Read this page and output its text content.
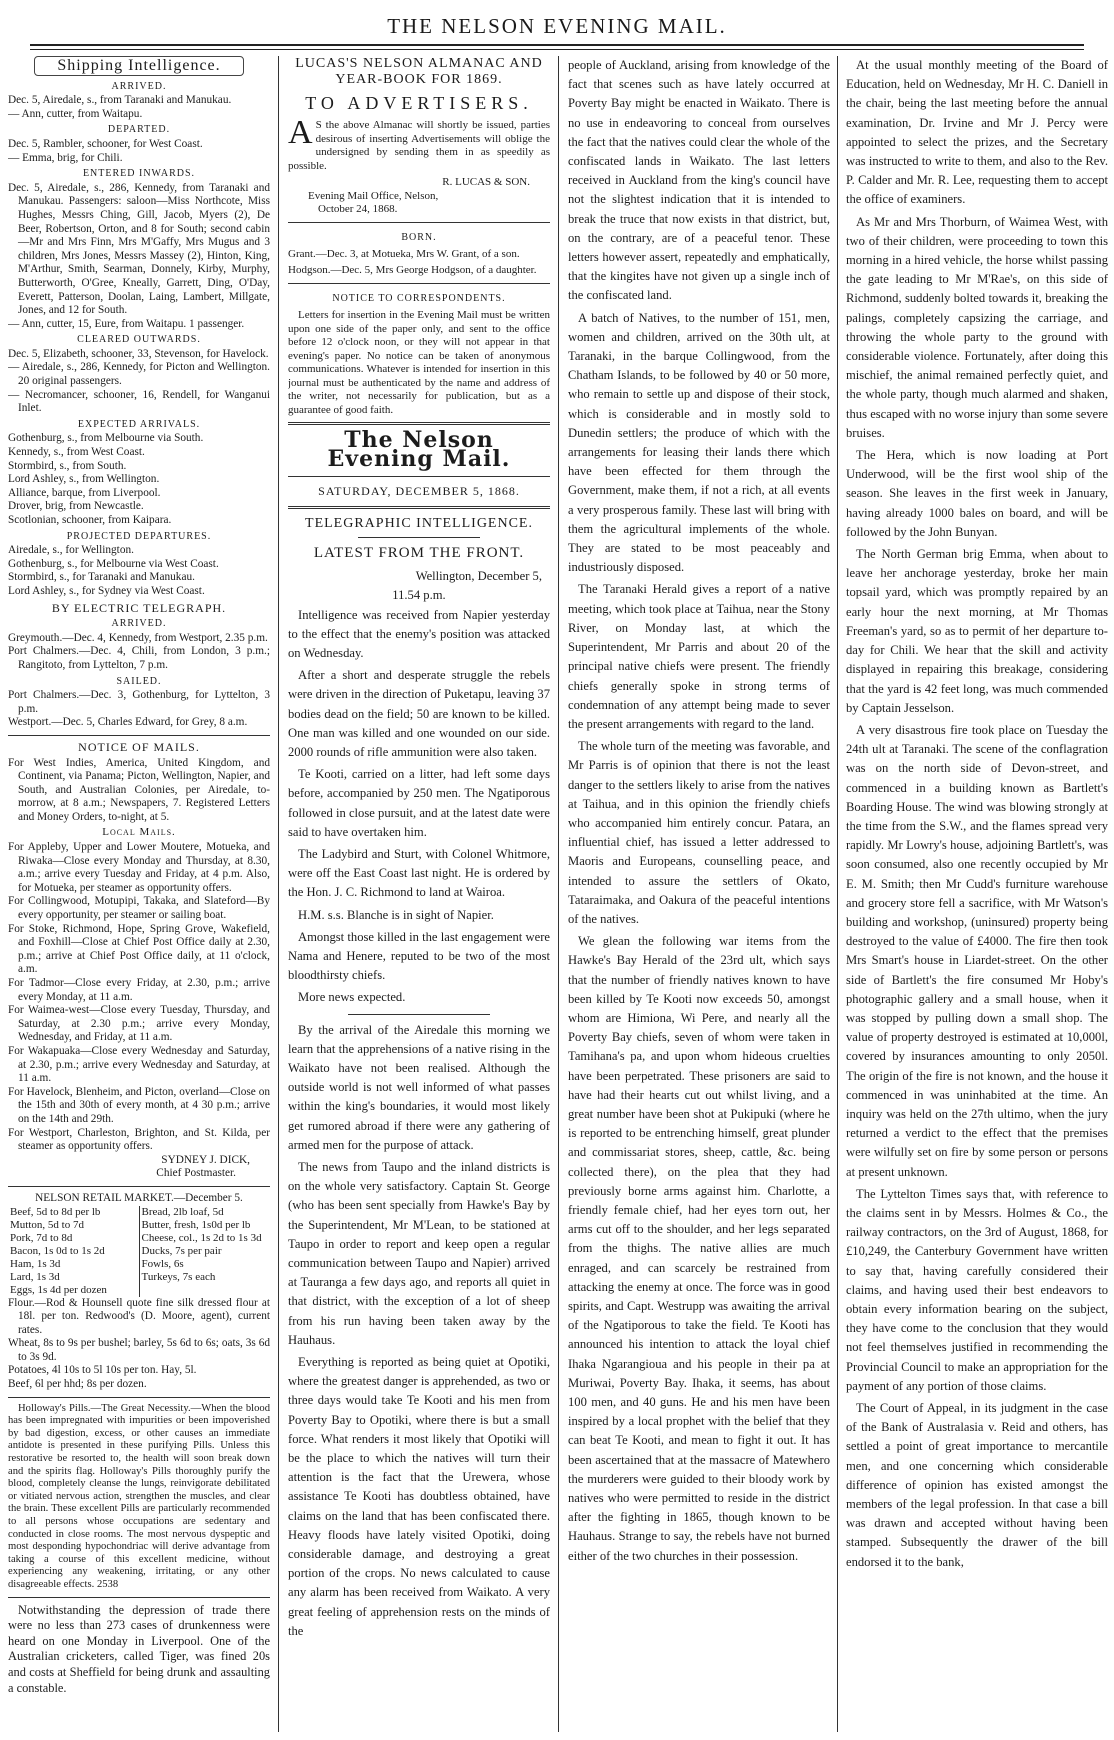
THE NELSON EVENING MAIL.
Shipping Intelligence.
ARRIVED.

Dec. 5, Airedale, s., from Taranaki and Manukau.

— Ann, cutter, from Waitapu.

DEPARTED.

Dec. 5, Rambler, schooner, for West Coast.

— Emma, brig, for Chili.

ENTERED INWARDS.

Dec. 5, Airedale, s., 286, Kennedy, from Taranaki and Manukau. Passengers: saloon—Miss Northcote, Miss Hughes, Messrs Ching, Gill, Jacob, Myers (2), De Beer, Robertson, Orton, and 8 for South; second cabin—Mr and Mrs Finn, Mrs M'Gaffy, Mrs Mugus and 3 children, Mrs Jones, Messrs Massey (2), Hinton, King, M'Arthur, Smith, Searman, Donnely, Kirby, Murphy, Butterworth, O'Gree, Kneally, Garrett, Ding, O'Day, Everett, Patterson, Doolan, Laing, Lambert, Millgate, Jones, and 12 for South.

— Ann, cutter, 15, Eure, from Waitapu. 1 passenger.

CLEARED OUTWARDS.

Dec. 5, Elizabeth, schooner, 33, Stevenson, for Havelock.

— Airedale, s., 286, Kennedy, for Picton and Wellington. 20 original passengers.

— Necromancer, schooner, 16, Rendell, for Wanganui Inlet.

EXPECTED ARRIVALS.

Gothenburg, s., from Melbourne via South.

Kennedy, s., from West Coast.

Stormbird, s., from South.

Lord Ashley, s., from Wellington.

Alliance, barque, from Liverpool.

Drover, brig, from Newcastle.

Scotlonian, schooner, from Kaipara.

PROJECTED DEPARTURES.

Airedale, s., for Wellington.

Gothenburg, s., for Melbourne via West Coast.

Stormbird, s., for Taranaki and Manukau.

Lord Ashley, s., for Sydney via West Coast.

BY ELECTRIC TELEGRAPH.
ARRIVED.

Greymouth.—Dec. 4, Kennedy, from Westport, 2.35 p.m.

Port Chalmers.—Dec. 4, Chili, from London, 3 p.m.; Rangitoto, from Lyttelton, 7 p.m.

SAILED.

Port Chalmers.—Dec. 3, Gothenburg, for Lyttelton, 3 p.m.

Westport.—Dec. 5, Charles Edward, for Grey, 8 a.m.

NOTICE OF MAILS.

For West Indies, America, United Kingdom, and Continent, via Panama; Picton, Wellington, Napier, and South, and Australian Colonies, per Airedale, to-morrow, at 8 a.m.; Newspapers, 7. Registered Letters and Money Orders, to-night, at 5.

Local Mails.

For Appleby, Upper and Lower Moutere, Motueka, and Riwaka—Close every Monday and Thursday, at 8.30, a.m.; arrive every Tuesday and Friday, at 4 p.m. Also, for Motueka, per steamer as opportunity offers.

For Collingwood, Motupipi, Takaka, and Slateford—By every opportunity, per steamer or sailing boat.

For Stoke, Richmond, Hope, Spring Grove, Wakefield, and Foxhill—Close at Chief Post Office daily at 2.30, p.m.; arrive at Chief Post Office daily, at 11 o'clock, a.m.

For Tadmor—Close every Friday, at 2.30, p.m.; arrive every Monday, at 11 a.m.

For Waimea-west—Close every Tuesday, Thursday, and Saturday, at 2.30 p.m.; arrive every Monday, Wednesday, and Friday, at 11 a.m.

For Wakapuaka—Close every Wednesday and Saturday, at 2.30, p.m.; arrive every Wednesday and Saturday, at 11 a.m.

For Havelock, Blenheim, and Picton, overland—Close on the 15th and 30th of every month, at 4 30 p.m.; arrive on the 14th and 29th.

For Westport, Charleston, Brighton, and St. Kilda, per steamer as opportunity offers.

SYDNEY J. DICK,
Chief Postmaster.
NELSON RETAIL MARKET.—December 5.
Beef, 5d to 8d per lb	Bread, 2lb loaf, 5d
Mutton, 5d to 7d	Butter, fresh, 1s0d per lb
Pork, 7d to 8d	Cheese, col., 1s 2d to 1s 3d
Bacon, 1s 0d to 1s 2d	Ducks, 7s per pair
Ham, 1s 3d	Fowls, 6s
Lard, 1s 3d	Turkeys, 7s each
Eggs, 1s 4d per dozen	

Flour.—Rod & Hounsell quote fine silk dressed flour at 18l. per ton. Redwood's (D. Moore, agent), current rates.

Wheat, 8s to 9s per bushel; barley, 5s 6d to 6s; oats, 3s 6d to 3s 9d.

Potatoes, 4l 10s to 5l 10s per ton. Hay, 5l.

Beef, 6l per hhd; 8s per dozen.

Holloway's Pills.—The Great Necessity.—When the blood has been impregnated with impurities or been impoverished by bad digestion, excess, or other causes an immediate antidote is presented in these purifying Pills. Unless this restorative be resorted to, the health will soon break down and the spirits flag. Holloway's Pills thoroughly purify the blood, completely cleanse the lungs, reinvigorate debilitated or vitiated nervous action, strengthen the muscles, and clear the brain. These excellent Pills are particularly recommended to all persons whose occupations are sedentary and conducted in close rooms. The most nervous dyspeptic and most desponding hypochondriac will derive advantage from taking a course of this excellent medicine, without experiencing any weakening, irritating, or any other disagreeable effects. 2538

Notwithstanding the depression of trade there were no less than 273 cases of drunkenness were heard on one Monday in Liverpool. One of the Australian cricketers, called Tiger, was fined 20s and costs at Sheffield for being drunk and assaulting a constable.

LUCAS'S NELSON ALMANAC AND YEAR-BOOK FOR 1869.
TO ADVERTISERS.

A S the above Almanac will shortly be issued, parties desirous of inserting Advertisements will oblige the undersigned by sending them in as speedily as possible.

R. LUCAS & SON.
Evening Mail Office, Nelson,
October 24, 1868.
BORN.

Grant.—Dec. 3, at Motueka, Mrs W. Grant, of a son.

Hodgson.—Dec. 5, Mrs George Hodgson, of a daughter.

NOTICE TO CORRESPONDENTS.

Letters for insertion in the Evening Mail must be written upon one side of the paper only, and sent to the office before 12 o'clock noon, or they will not appear in that evening's paper. No notice can be taken of anonymous communications. Whatever is intended for insertion in this journal must be authenticated by the name and address of the writer, not necessarily for publication, but as a guarantee of good faith.

The Nelson Evening Mail.
SATURDAY, DECEMBER 5, 1868.
TELEGRAPHIC INTELLIGENCE.
LATEST FROM THE FRONT.
Wellington, December 5,
11.54 p.m.

Intelligence was received from Napier yesterday to the effect that the enemy's position was attacked on Wednesday.

After a short and desperate struggle the rebels were driven in the direction of Puketapu, leaving 37 bodies dead on the field; 50 are known to be killed. One man was killed and one wounded on our side. 2000 rounds of rifle ammunition were also taken.

Te Kooti, carried on a litter, had left some days before, accompanied by 250 men. The Ngatiporous followed in close pursuit, and at the latest date were said to have overtaken him.

The Ladybird and Sturt, with Colonel Whitmore, were off the East Coast last night. He is ordered by the Hon. J. C. Richmond to land at Wairoa.

H.M. s.s. Blanche is in sight of Napier.

Amongst those killed in the last engagement were Nama and Henere, reputed to be two of the most bloodthirsty chiefs.

More news expected.

By the arrival of the Airedale this morning we learn that the apprehensions of a native rising in the Waikato have not been realised. Although the outside world is not well informed of what passes within the king's boundaries, it would most likely get rumored abroad if there were any gathering of armed men for the purpose of attack.

The news from Taupo and the inland districts is on the whole very satisfactory. Captain St. George (who has been sent specially from Hawke's Bay by the Superintendent, Mr M'Lean, to be stationed at Taupo in order to report and keep open a regular communication between Taupo and Napier) arrived at Tauranga a few days ago, and reports all quiet in that district, with the exception of a lot of sheep from his run having been taken away by the Hauhaus.

Everything is reported as being quiet at Opotiki, where the greatest danger is apprehended, as two or three days would take Te Kooti and his men from Poverty Bay to Opotiki, where there is but a small force. What renders it most likely that Opotiki will be the place to which the natives will turn their attention is the fact that the Urewera, whose assistance Te Kooti has doubtless obtained, have claims on the land that has been confiscated there. Heavy floods have lately visited Opotiki, doing considerable damage, and destroying a great portion of the crops. No news calculated to cause any alarm has been received from Waikato. A very great feeling of apprehension rests on the minds of the

people of Auckland, arising from knowledge of the fact that scenes such as have lately occurred at Poverty Bay might be enacted in Waikato. There is no use in endeavoring to conceal from ourselves the fact that the natives could clear the whole of the confiscated lands in Waikato. The last letters received in Auckland from the king's council have not the slightest indication that it is intended to break the truce that now exists in that district, but, on the contrary, are of a peaceful tenor. These letters however assert, repeatedly and emphatically, that the kingites have not given up a single inch of the confiscated land.

A batch of Natives, to the number of 151, men, women and children, arrived on the 30th ult, at Taranaki, in the barque Collingwood, from the Chatham Islands, to be followed by 40 or 50 more, who remain to settle up and dispose of their stock, which is considerable and in mostly sold to Dunedin settlers; the produce of which with the arrangements for leasing their lands there which have been effected for them through the Government, make them, if not a rich, at all events a very prosperous family. These last will bring with them the agricultural implements of the whole. They are stated to be most peaceably and industriously disposed.

The Taranaki Herald gives a report of a native meeting, which took place at Taihua, near the Stony River, on Monday last, at which the Superintendent, Mr Parris and about 20 of the principal native chiefs were present. The friendly chiefs generally spoke in strong terms of condemnation of any attempt being made to sever the present arrangements with regard to the land.

The whole turn of the meeting was favorable, and Mr Parris is of opinion that there is not the least danger to the settlers likely to arise from the natives at Taihua, and in this opinion the friendly chiefs who accompanied him entirely concur. Patara, an influential chief, has issued a letter addressed to Maoris and Europeans, counselling peace, and intended to assure the settlers of Okato, Tataraimaka, and Oakura of the peaceful intentions of the natives.

We glean the following war items from the Hawke's Bay Herald of the 23rd ult, which says that the number of friendly natives known to have been killed by Te Kooti now exceeds 50, amongst whom are Himiona, Wi Pere, and nearly all the Poverty Bay chiefs, seven of whom were taken in Tamihana's pa, and upon whom hideous cruelties have been perpetrated. These prisoners are said to have had their hearts cut out whilst living, and a great number have been shot at Pukipuki (where he is reported to be entrenching himself, great plunder and commissariat stores, sheep, cattle, &c. being collected there), on the plea that they had previously borne arms against him. Charlotte, a friendly female chief, had her eyes torn out, her arms cut off to the shoulder, and her legs separated from the thighs. The native allies are much enraged, and can scarcely be restrained from attacking the enemy at once. The force was in good spirits, and Capt. Westrupp was awaiting the arrival of the Ngatiporous to take the field. Te Kooti has announced his intention to attack the loyal chief Ihaka Ngarangioua and his people in their pa at Muriwai, Poverty Bay. Ihaka, it seems, has about 100 men, and 40 guns. He and his men have been inspired by a local prophet with the belief that they can beat Te Kooti, and mean to fight it out. It has been ascertained that at the massacre of Matewhero the murderers were guided to their bloody work by natives who were permitted to reside in the district after the fighting in 1865, though known to be Hauhaus. Strange to say, the rebels have not burned either of the two churches in their possession.

At the usual monthly meeting of the Board of Education, held on Wednesday, Mr H. C. Daniell in the chair, being the last meeting before the annual examination, Dr. Irvine and Mr J. Percy were appointed to select the prizes, and the Secretary was instructed to write to them, and also to the Rev. P. Calder and Mr. R. Lee, requesting them to accept the office of examiners.

As Mr and Mrs Thorburn, of Waimea West, with two of their children, were proceeding to town this morning in a hired vehicle, the horse whilst passing the gate leading to Mr M'Rae's, on this side of Richmond, suddenly bolted towards it, breaking the palings, completely capsizing the carriage, and throwing the whole party to the ground with considerable violence. Fortunately, after doing this mischief, the animal remained perfectly quiet, and the whole party, though much alarmed and shaken, thus escaped with no worse injury than some severe bruises.

The Hera, which is now loading at Port Underwood, will be the first wool ship of the season. She leaves in the first week in January, having already 1000 bales on board, and will be followed by the John Bunyan.

The North German brig Emma, when about to leave her anchorage yesterday, broke her main topsail yard, which was promptly repaired by an early hour the next morning, at Mr Thomas Freeman's yard, so as to permit of her departure to-day for Chili. We hear that the skill and activity displayed in repairing this breakage, considering that the yard is 42 feet long, was much commended by Captain Jesselson.

A very disastrous fire took place on Tuesday the 24th ult at Taranaki. The scene of the conflagration was on the north side of Devon-street, and commenced in a building known as Bartlett's Boarding House. The wind was blowing strongly at the time from the S.W., and the flames spread very rapidly. Mr Lowry's house, adjoining Bartlett's, was soon consumed, also one recently occupied by Mr E. M. Smith; then Mr Cudd's furniture warehouse and grocery store fell a sacrifice, with Mr Watson's building and workshop, (uninsured) property being destroyed to the value of £4000. The fire then took Mrs Smart's house in Liardet-street. On the other side of Bartlett's the fire consumed Mr Hoby's photographic gallery and a small house, when it was stopped by pulling down a small shop. The value of property destroyed is estimated at 10,000l, covered by insurances amounting to only 2050l. The origin of the fire is not known, and the house it commenced in was uninhabited at the time. An inquiry was held on the 27th ultimo, when the jury returned a verdict to the effect that the premises were wilfully set on fire by some person or persons at present unknown.

The Lyttelton Times says that, with reference to the claims sent in by Messrs. Holmes & Co., the railway contractors, on the 3rd of August, 1868, for £10,249, the Canterbury Government have written to say that, having carefully considered their claims, and having used their best endeavors to obtain every information bearing on the subject, they have come to the conclusion that they would not feel themselves justified in recommending the Provincial Council to make an appropriation for the payment of any portion of those claims.

The Court of Appeal, in its judgment in the case of the Bank of Australasia v. Reid and others, has settled a point of great importance to mercantile men, and one concerning which considerable difference of opinion has existed amongst the members of the legal profession. In that case a bill was drawn and accepted without having been stamped. Subsequently the drawer of the bill endorsed it to the bank,
